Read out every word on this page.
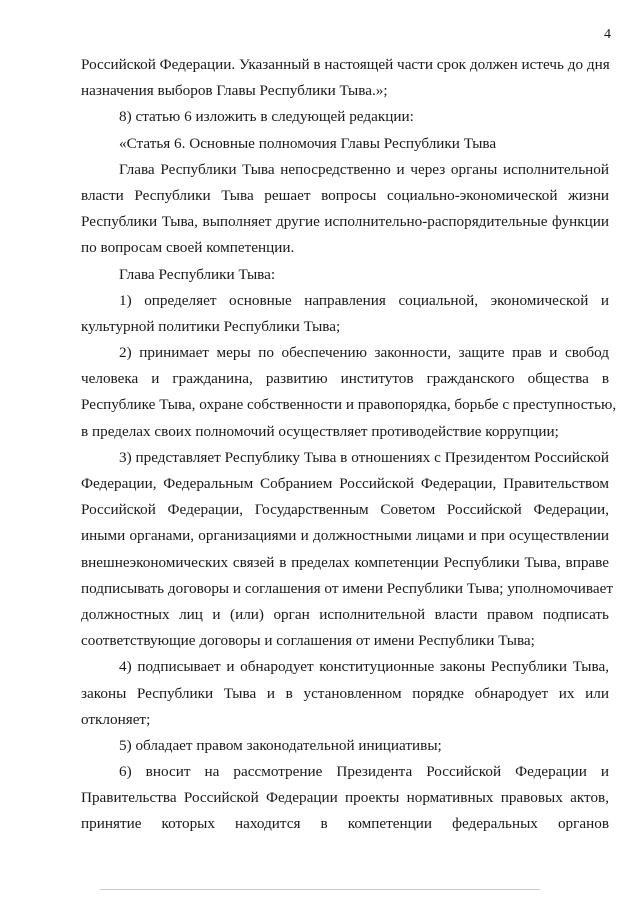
4
Российской Федерации. Указанный в настоящей части срок должен истечь до дня
назначения выборов Главы Республики Тыва.»;
8) статью 6 изложить в следующей редакции:
«Статья 6. Основные полномочия Главы Республики Тыва
Глава Республики Тыва непосредственно и через органы исполнительной
власти Республики Тыва решает вопросы социально-экономической жизни
Республики Тыва, выполняет другие исполнительно-распорядительные функции
по вопросам своей компетенции.
Глава Республики Тыва:
1) определяет основные направления социальной, экономической и
культурной политики Республики Тыва;
2) принимает меры по обеспечению законности, защите прав и свобод
человека и гражданина, развитию институтов гражданского общества в
Республике Тыва, охране собственности и правопорядка, борьбе с преступностью,
в пределах своих полномочий осуществляет противодействие коррупции;
3) представляет Республику Тыва в отношениях с Президентом Российской
Федерации, Федеральным Собранием Российской Федерации, Правительством
Российской Федерации, Государственным Советом Российской Федерации,
иными органами, организациями и должностными лицами и при осуществлении
внешнеэкономических связей в пределах компетенции Республики Тыва, вправе
подписывать договоры и соглашения от имени Республики Тыва; уполномочивает
должностных лиц и (или) орган исполнительной власти правом подписать
соответствующие договоры и соглашения от имени Республики Тыва;
4) подписывает и обнародует конституционные законы Республики Тыва,
законы Республики Тыва и в установленном порядке обнародует их или
отклоняет;
5) обладает правом законодательной инициативы;
6) вносит на рассмотрение Президента Российской Федерации и
Правительства Российской Федерации проекты нормативных правовых актов,
принятие которых находится в компетенции федеральных органов
